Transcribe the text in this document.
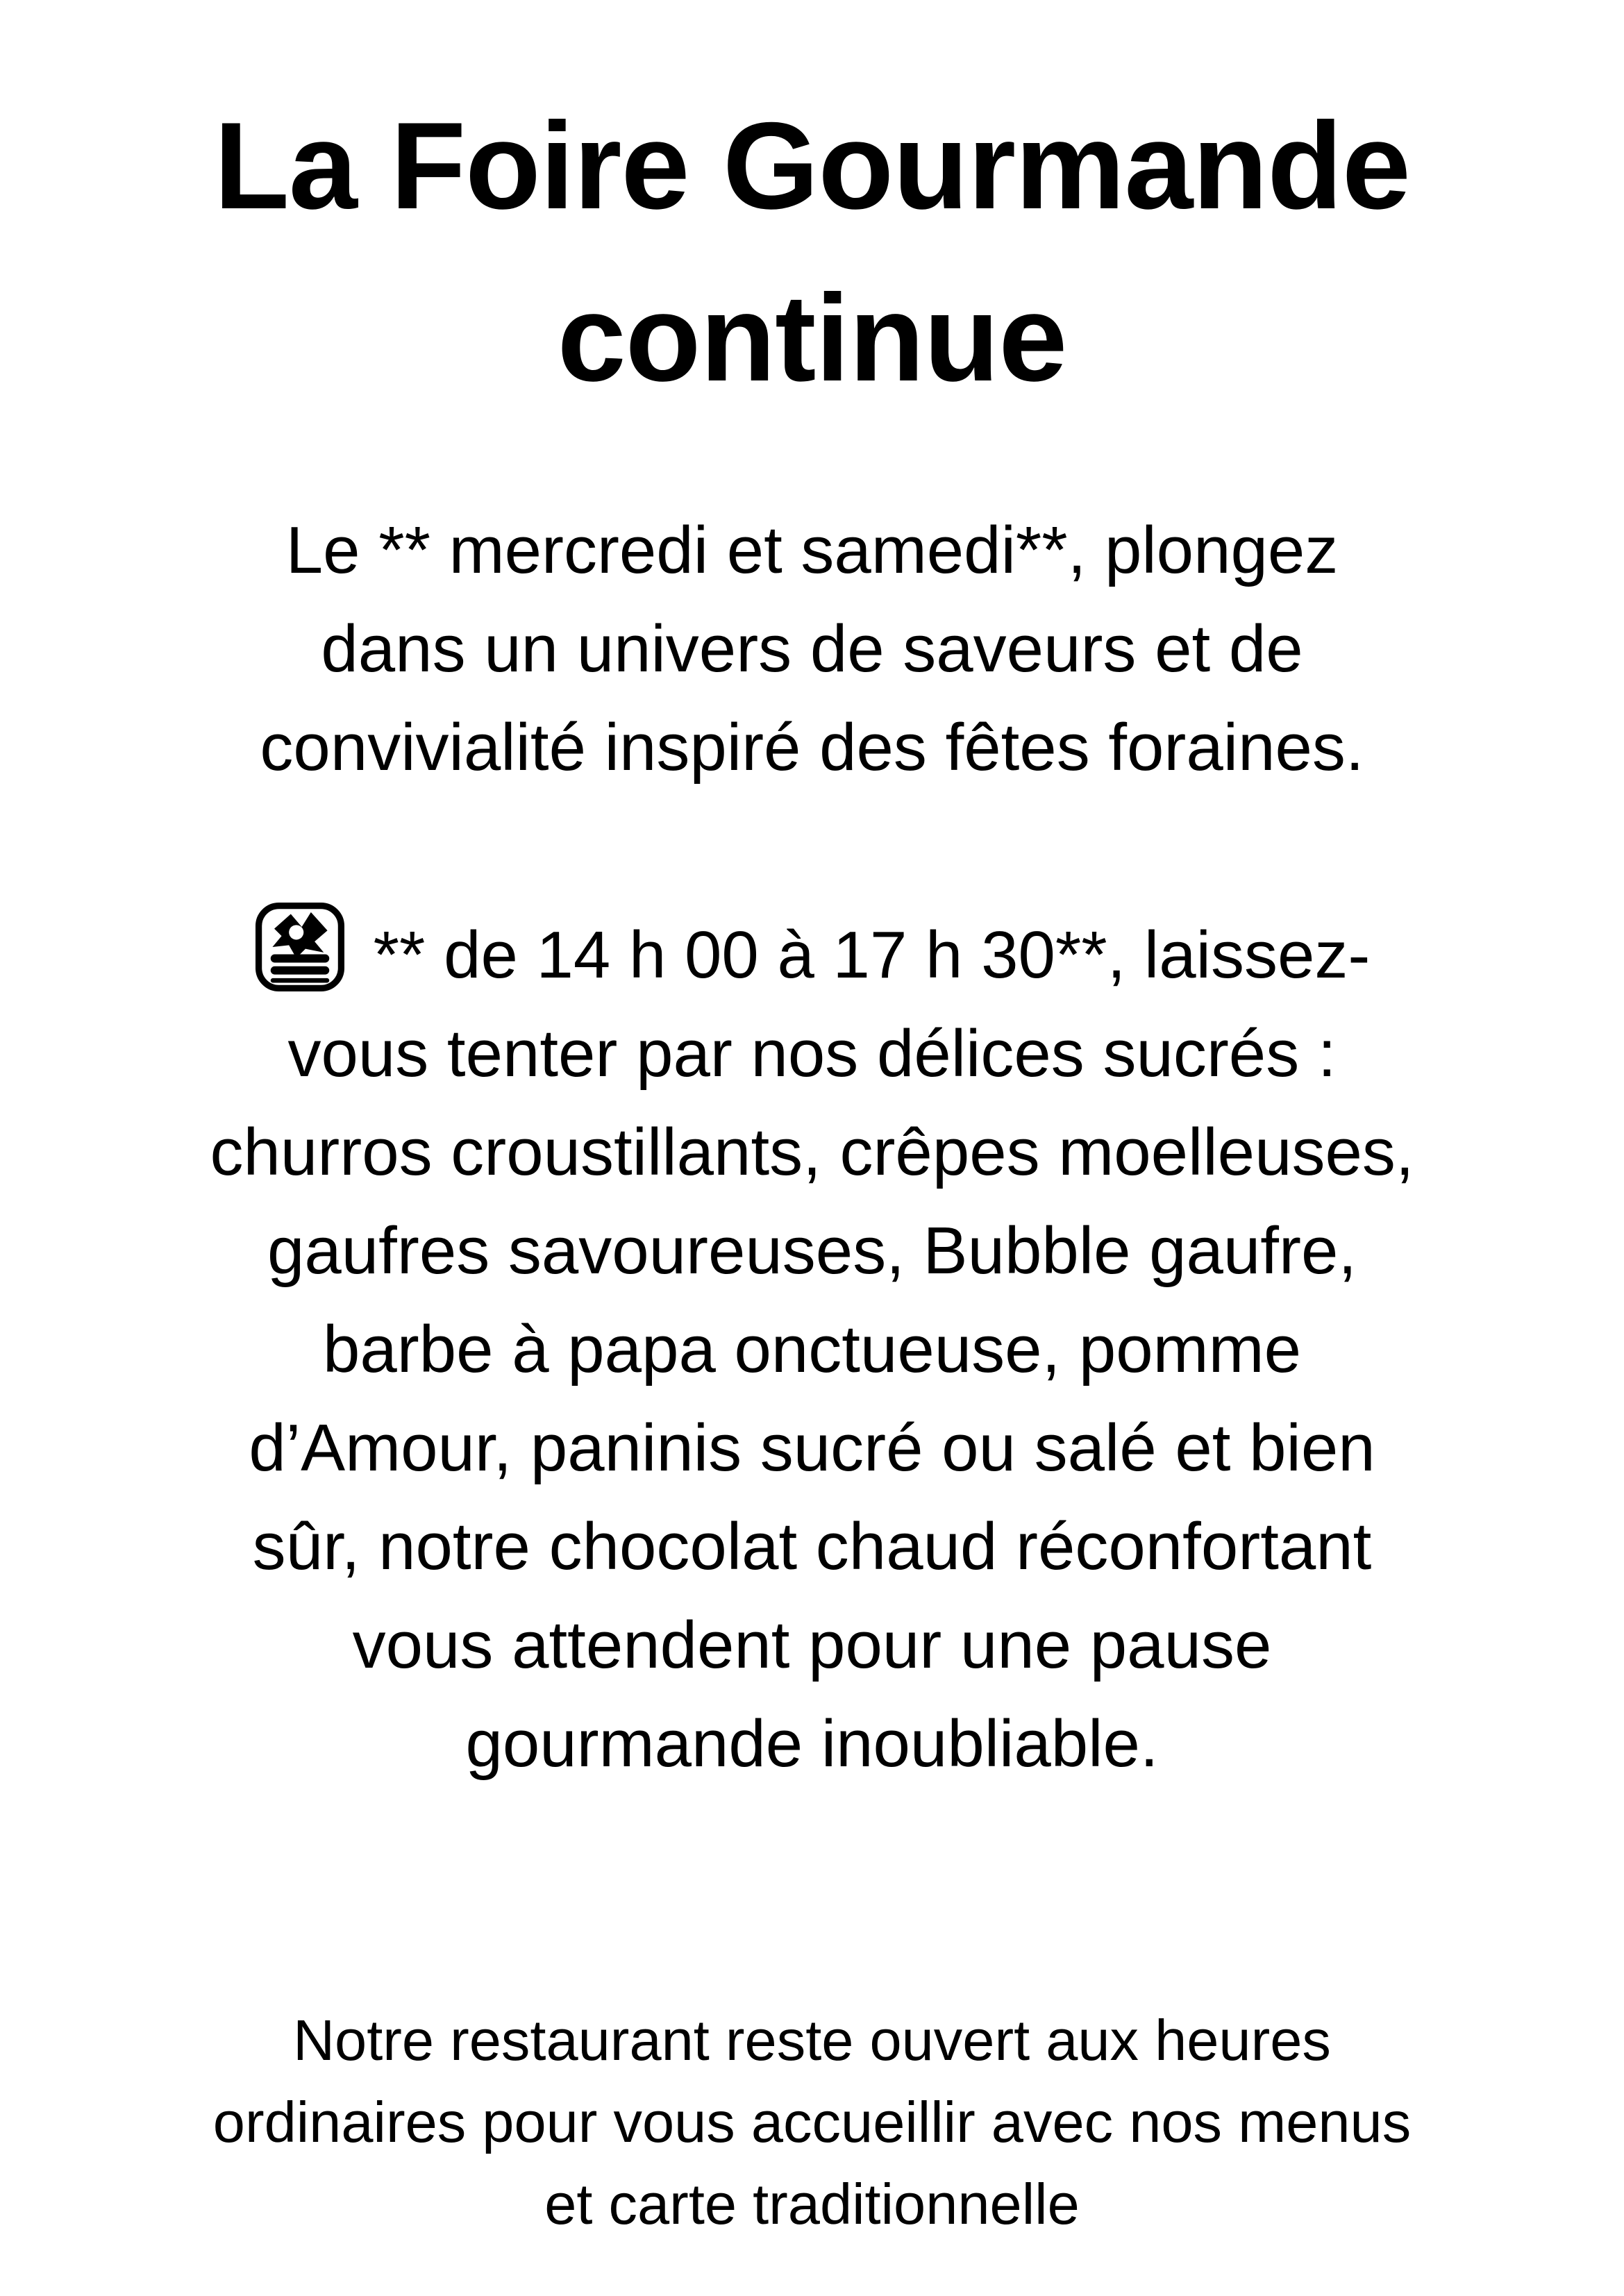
La Foire Gourmande
continue

Le ** mercredi et samedi**, plongez
dans un univers de saveurs et de
convivialité inspiré des fêtes foraines.

** de 14 h 00 à 17 h 30**, laissez-
vous tenter par nos délices sucrés :
churros croustillants, crêpes moelleuses,
gaufres savoureuses, Bubble gaufre,
barbe à papa onctueuse, pomme
d’Amour, paninis sucré ou salé et bien
sûr, notre chocolat chaud réconfortant
vous attendent pour une pause
gourmande inoubliable.

Notre restaurant reste ouvert aux heures
ordinaires pour vous accueillir avec nos menus
et carte traditionnelle
